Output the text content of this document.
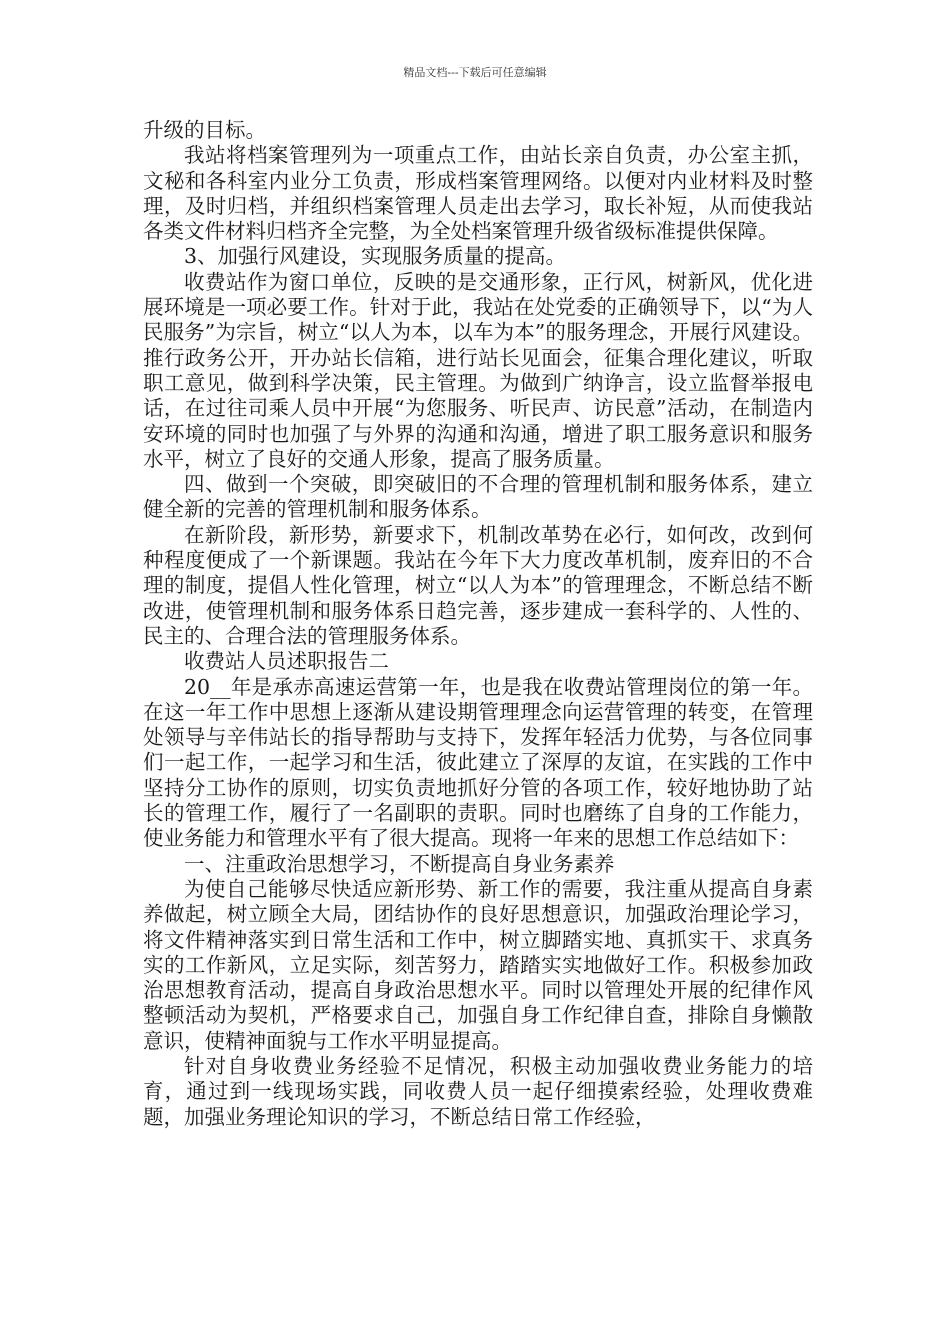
精品文档---下载后可任意编辑

升级的目标。

我站将档案管理列为一项重点工作，由站长亲自负责，办公室主抓，文秘和各科室内业分工负责，形成档案管理网络。以便对内业材料及时整理，及时归档，并组织档案管理人员走出去学习，取长补短，从而使我站各类文件材料归档齐全完整，为全处档案管理升级省级标准提供保障。

3、加强行风建设，实现服务质量的提高。

收费站作为窗口单位，反映的是交通形象，正行风，树新风，优化进展环境是一项必要工作。针对于此，我站在处党委的正确领导下，以“为人民服务”为宗旨，树立“以人为本，以车为本”的服务理念，开展行风建设。推行政务公开，开办站长信箱，进行站长见面会，征集合理化建议，听取职工意见，做到科学决策，民主管理。为做到广纳诤言，设立监督举报电话，在过往司乘人员中开展“为您服务、听民声、访民意”活动，在制造内安环境的同时也加强了与外界的沟通和沟通，增进了职工服务意识和服务水平，树立了良好的交通人形象，提高了服务质量。

四、做到一个突破，即突破旧的不合理的管理机制和服务体系，建立健全新的完善的管理机制和服务体系。

在新阶段，新形势，新要求下，机制改革势在必行，如何改，改到何种程度便成了一个新课题。我站在今年下大力度改革机制，废弃旧的不合理的制度，提倡人性化管理，树立“以人为本”的管理理念，不断总结不断改进，使管理机制和服务体系日趋完善，逐步建成一套科学的、人性的、民主的、合理合法的管理服务体系。

收费站人员述职报告二

20__年是承赤高速运营第一年，也是我在收费站管理岗位的第一年。在这一年工作中思想上逐渐从建设期管理理念向运营管理的转变，在管理处领导与辛伟站长的指导帮助与支持下，发挥年轻活力优势，与各位同事们一起工作，一起学习和生活，彼此建立了深厚的友谊，在实践的工作中坚持分工协作的原则，切实负责地抓好分管的各项工作，较好地协助了站长的管理工作，履行了一名副职的责职。同时也磨练了自身的工作能力，使业务能力和管理水平有了很大提高。现将一年来的思想工作总结如下：

一、注重政治思想学习，不断提高自身业务素养

为使自己能够尽快适应新形势、新工作的需要，我注重从提高自身素养做起，树立顾全大局，团结协作的良好思想意识，加强政治理论学习，将文件精神落实到日常生活和工作中，树立脚踏实地、真抓实干、求真务实的工作新风，立足实际，刻苦努力，踏踏实实地做好工作。积极参加政治思想教育活动，提高自身政治思想水平。同时以管理处开展的纪律作风整顿活动为契机，严格要求自己，加强自身工作纪律自查，排除自身懒散意识，使精神面貌与工作水平明显提高。

针对自身收费业务经验不足情况，积极主动加强收费业务能力的培育，通过到一线现场实践，同收费人员一起仔细摸索经验，处理收费难题，加强业务理论知识的学习，不断总结日常工作经验，
